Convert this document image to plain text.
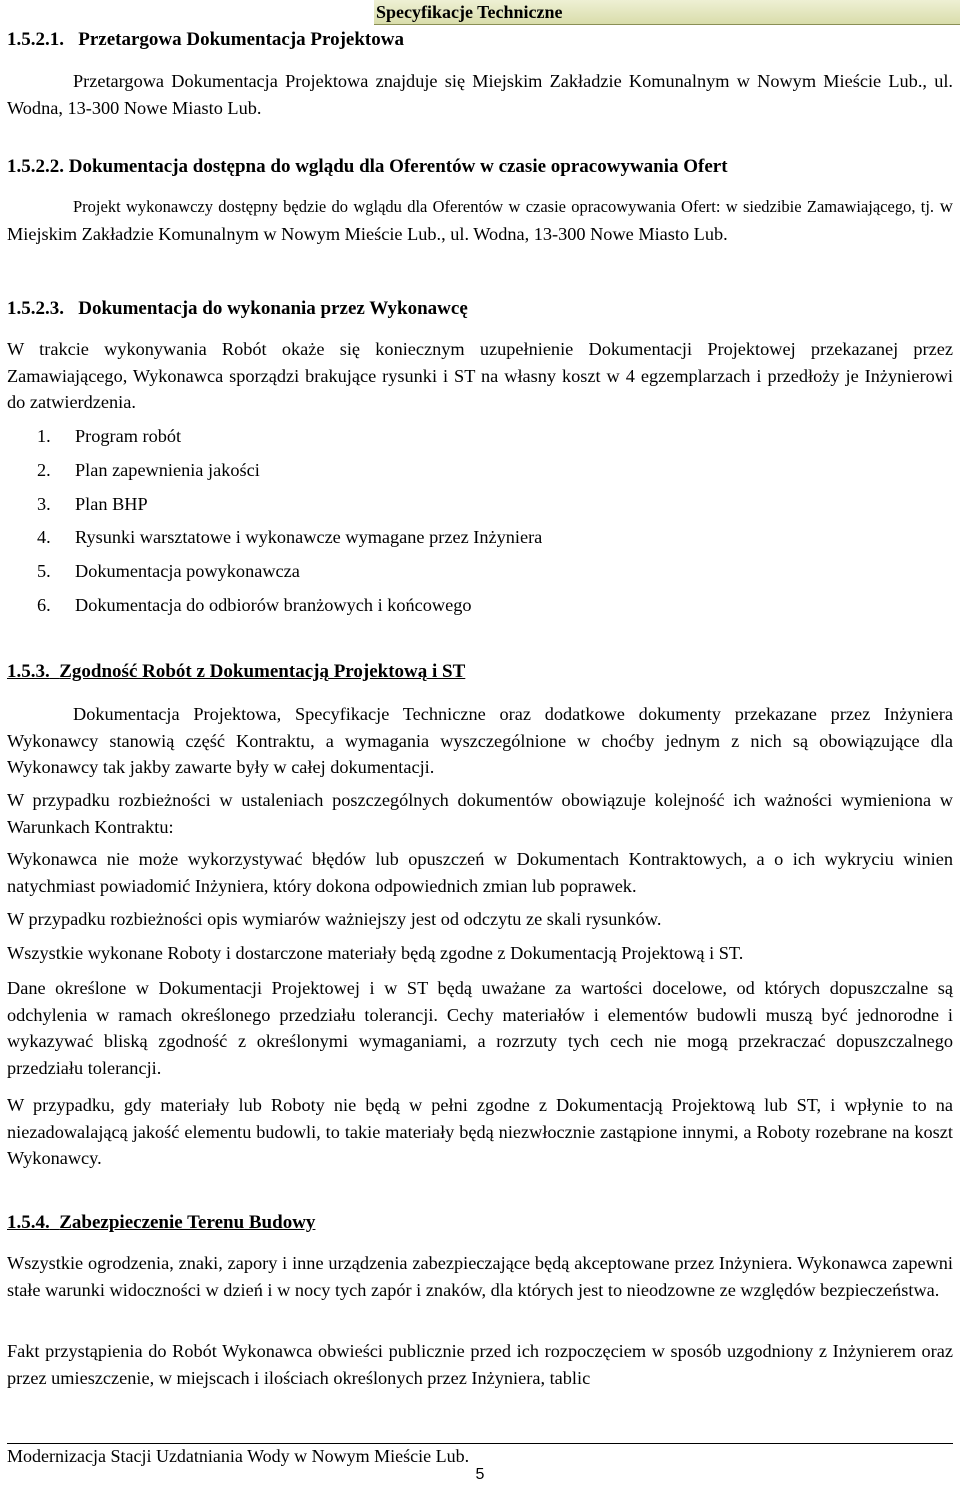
Specyfikacje Techniczne
1.5.2.1. Przetargowa Dokumentacja Projektowa
Przetargowa Dokumentacja Projektowa znajduje się Miejskim Zakładzie Komunalnym w Nowym Mieście Lub., ul. Wodna, 13-300 Nowe Miasto Lub.
1.5.2.2. Dokumentacja dostępna do wglądu dla Oferentów w czasie opracowywania Ofert
Projekt wykonawczy dostępny będzie do wglądu dla Oferentów w czasie opracowywania Ofert: w siedzibie Zamawiającego, tj. w Miejskim Zakładzie Komunalnym w Nowym Mieście Lub., ul. Wodna, 13-300 Nowe Miasto Lub.
1.5.2.3. Dokumentacja do wykonania przez Wykonawcę
W trakcie wykonywania Robót okaże się koniecznym uzupełnienie Dokumentacji Projektowej przekazanej przez Zamawiającego, Wykonawca sporządzi brakujące rysunki i ST na własny koszt w 4 egzemplarzach i przedłoży je Inżynierowi do zatwierdzenia.
1. Program robót
2. Plan zapewnienia jakości
3. Plan BHP
4. Rysunki warsztatowe i wykonawcze wymagane przez Inżyniera
5. Dokumentacja powykonawcza
6. Dokumentacja do odbiorów branżowych i końcowego
1.5.3. Zgodność Robót z Dokumentacją Projektową i ST
Dokumentacja Projektowa, Specyfikacje Techniczne oraz dodatkowe dokumenty przekazane przez Inżyniera Wykonawcy stanowią część Kontraktu, a wymagania wyszczególnione w choćby jednym z nich są obowiązujące dla Wykonawcy tak jakby zawarte były w całej dokumentacji.
W przypadku rozbieżności w ustaleniach poszczególnych dokumentów obowiązuje kolejność ich ważności wymieniona w Warunkach Kontraktu:
Wykonawca nie może wykorzystywać błędów lub opuszczeń w Dokumentach Kontraktowych, a o ich wykryciu winien natychmiast powiadomić Inżyniera, który dokona odpowiednich zmian lub poprawek.
W przypadku rozbieżności opis wymiarów ważniejszy jest od odczytu ze skali rysunków.
Wszystkie wykonane Roboty i dostarczone materiały będą zgodne z Dokumentacją Projektową i ST.
Dane określone w Dokumentacji Projektowej i w ST będą uważane za wartości docelowe, od których dopuszczalne są odchylenia w ramach określonego przedziału tolerancji. Cechy materiałów i elementów budowli muszą być jednorodne i wykazywać bliską zgodność z określonymi wymaganiami, a rozrzuty tych cech nie mogą przekraczać dopuszczalnego przedziału tolerancji.
W przypadku, gdy materiały lub Roboty nie będą w pełni zgodne z Dokumentacją Projektową lub ST, i wpłynie to na niezadowalającą jakość elementu budowli, to takie materiały będą niezwłocznie zastąpione innymi, a Roboty rozebrane na koszt Wykonawcy.
1.5.4. Zabezpieczenie Terenu Budowy
Wszystkie ogrodzenia, znaki, zapory i inne urządzenia zabezpieczające będą akceptowane przez Inżyniera. Wykonawca zapewni stałe warunki widoczności w dzień i w nocy tych zapór i znaków, dla których jest to nieodzowne ze względów bezpieczeństwa.
Fakt przystąpienia do Robót Wykonawca obwieści publicznie przed ich rozpoczęciem w sposób uzgodniony z Inżynierem oraz przez umieszczenie, w miejscach i ilościach określonych przez Inżyniera, tablic
Modernizacja Stacji Uzdatniania Wody w Nowym Mieście Lub.
5
